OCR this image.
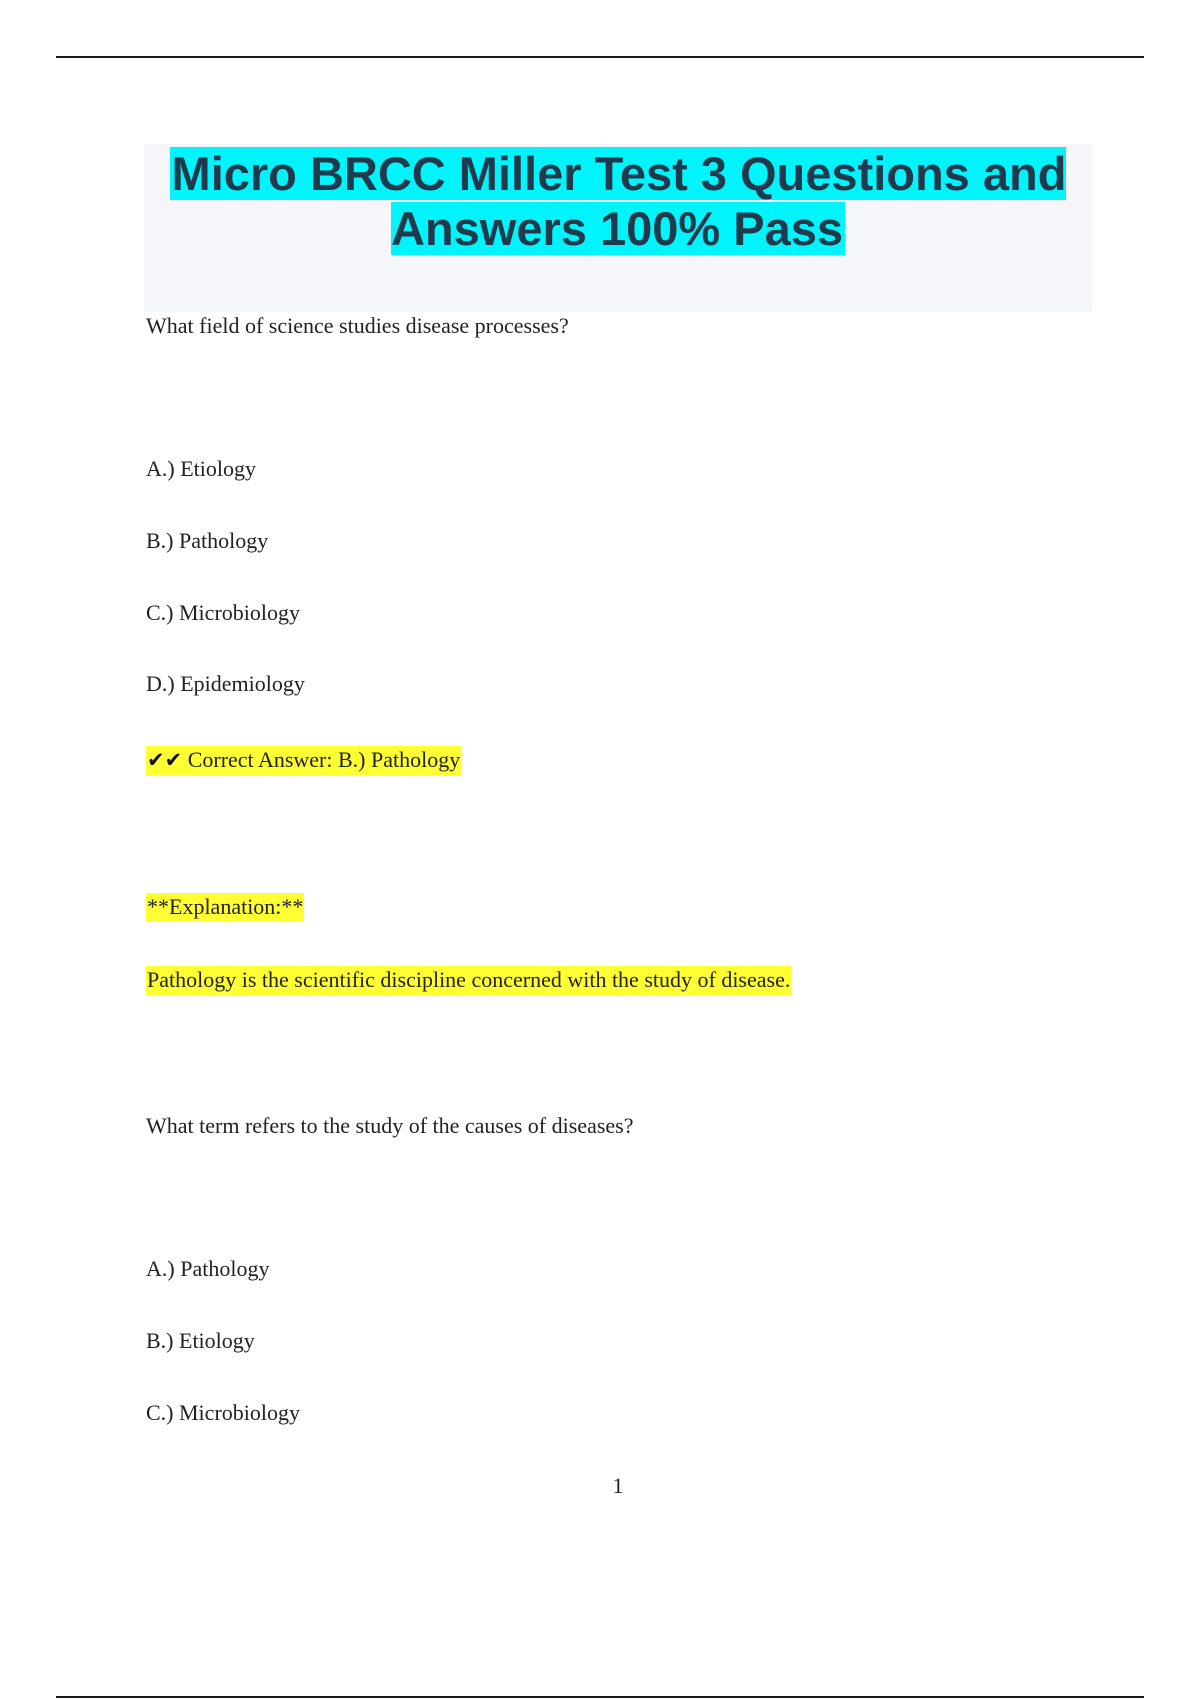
Micro BRCC Miller Test 3 Questions and Answers 100% Pass

What field of science studies disease processes?

A.) Etiology

B.) Pathology

C.) Microbiology

D.) Epidemiology

✔✔ Correct Answer: B.) Pathology

**Explanation:**

Pathology is the scientific discipline concerned with the study of disease.

What term refers to the study of the causes of diseases?

A.) Pathology

B.) Etiology

C.) Microbiology

1
